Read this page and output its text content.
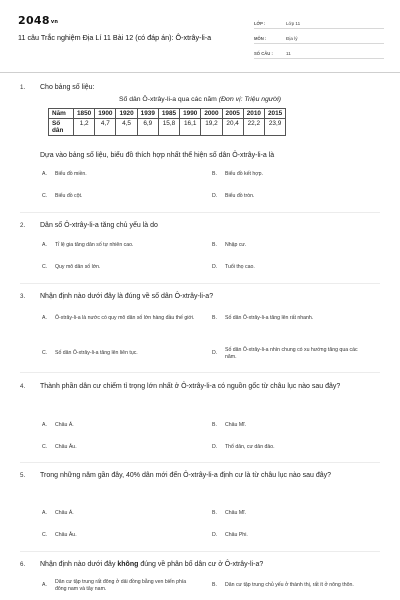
2048vn
11 câu Trắc nghiệm Địa Lí 11 Bài 12 (có đáp án): Ô-xtrây-li-a
LỚP :	Lớp 11
MÔN :	Địa lý
SỐ CÂU :	11
1. Cho bảng số liệu:
Số dân Ô-xtrây-li-a qua các năm (Đơn vị: Triệu người)
Năm	1850	1900	1920	1939	1985	1990	2000	2005	2010	2015
Số dân	1,2	4,7	4,5	6,9	15,8	16,1	19,2	20,4	22,2	23,9
Dựa vào bảng số liệu, biểu đồ thích hợp nhất thể hiện số dân Ô-xtrây-li-a là
A.	Biểu đồ miền.	B.	Biểu đồ kết hợp.
C.	Biểu đồ cột.	D.	Biểu đồ tròn.
2. Dân số Ô-xtrây-li-a tăng chủ yếu là do
A.	Tỉ lệ gia tăng dân số tự nhiên cao.	B.	Nhập cư.
C.	Quy mô dân số lớn.	D.	Tuổi thọ cao.
3. Nhận định nào dưới đây là đúng về số dân Ô-xtrây-li-a?
A.	Ô-xtrây-li-a là nước có quy mô dân số lớn hàng đầu thế giới.	B.	Số dân Ô-xtrây-li-a tăng lên rất nhanh.
C.	Số dân Ô-xtrây-li-a tăng lên liên tục.	D.
Số dân Ô-xtrây-li-a nhìn chung có xu hướng tăng qua các năm.
4. Thành phần dân cư chiếm tỉ trọng lớn nhất ở Ô-xtrây-li-a có nguồn gốc từ châu lục nào sau đây?
A.	Châu Á.	B.	Châu Mĩ.
C.	Châu Âu.	D.	Thổ dân, cư dân đảo.
5. Trong những năm gần đây, 40% dân mới đến Ô-xtrây-li-a định cư là từ châu lục nào sau đây?
A.	Châu Á.	B.	Châu Mĩ.
C.	Châu Âu.	D.	Châu Phi.
6. Nhận định nào dưới đây không đúng về phân bố dân cư ở Ô-xtrây-li-a?
A.
Dân cư tập trung rất đông ở dải đồng bằng ven biển phía đông nam và tây nam.
B.	Dân cư tập trung chủ yếu ở thành thị, rất ít ở nông thôn.
